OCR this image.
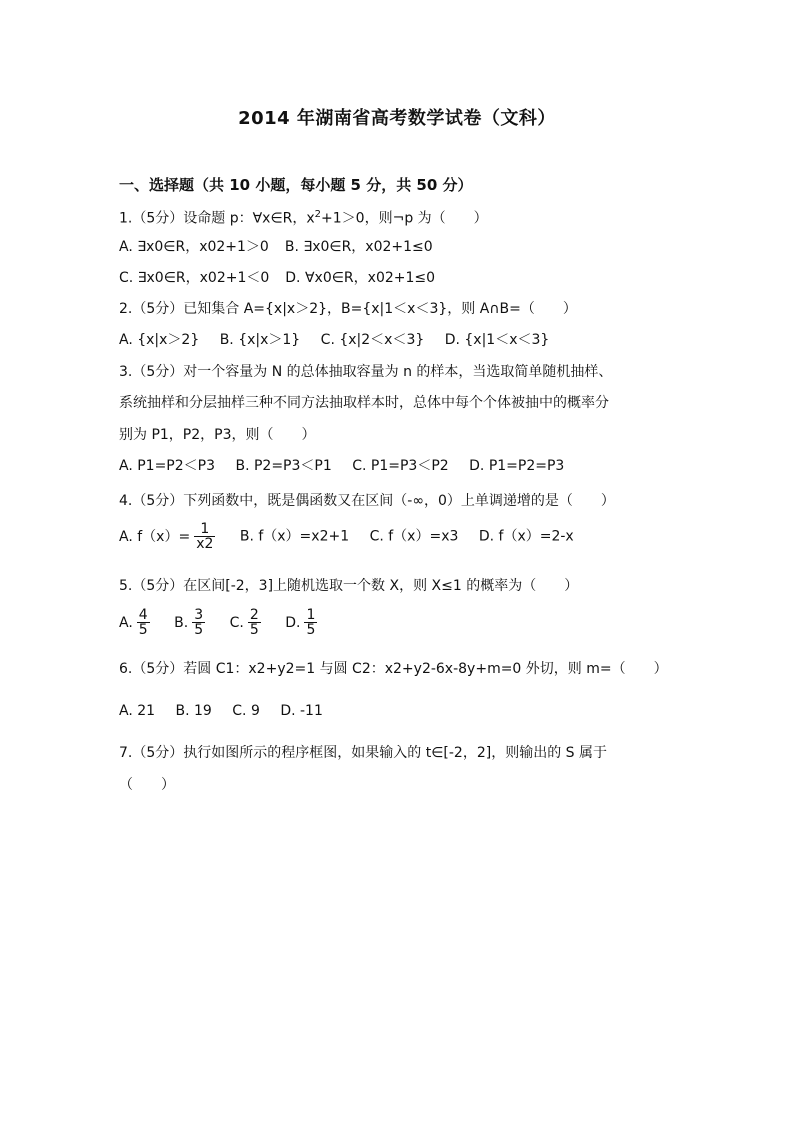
2014 年湖南省高考数学试卷（文科）
一、选择题（共 10 小题，每小题 5 分，共 50 分）
1.（5分）设命题 p：∀x∈R，$x^2+1>0$，则¬p 为（　　）
A. ∃x0∈R，x02+1＞0 B. ∃x0∈R，x02+1≤0
C. ∃x0∈R，x02+1＜0 D. ∀x0∈R，x02+1≤0
2.（5分）已知集合 A={x|x＞2}，B={x|1＜x＜3}，则 A∩B=（　　）
A. {x|x＞2} B. {x|x＞1} C. {x|2＜x＜3} D. {x|1＜x＜3}
3.（5分）对一个容量为 N 的总体抽取容量为 n 的样本，当选取简单随机抽样、
系统抽样和分层抽样三种不同方法抽取样本时，总体中每个个体被抽中的概率分
别为 P1，P2，P3，则（　　）
A. P1=P2＜P3 B. P2=P3＜P1 C. P1=P3＜P2 D. P1=P2=P3
4.（5分）下列函数中，既是偶函数又在区间（-∞，0）上单调递增的是（　　）
A. $f(x)= \frac{1}{x2} B$. f（x）=x2+1 C. f（x）=x3 D. f（x）=2-x
5.（5分）在区间[-2，3]上随机选取一个数 X，则 X≤1 的概率为（　　）
A. $\frac{4}{5} B$. $\frac{3}{5} C$. $\frac{2}{5} D$. $\frac{1}{5}$
6.（5分）若圆 C1：x2+y2=1 与圆 C2：x2+y2-6x-8y+m=0 外切，则 m=（　　）
A. 21 B. 19 C. 9 D. -11
7.（5分）执行如图所示的程序框图，如果输入的 t∈[-2，2]，则输出的 S 属于
（　　）
